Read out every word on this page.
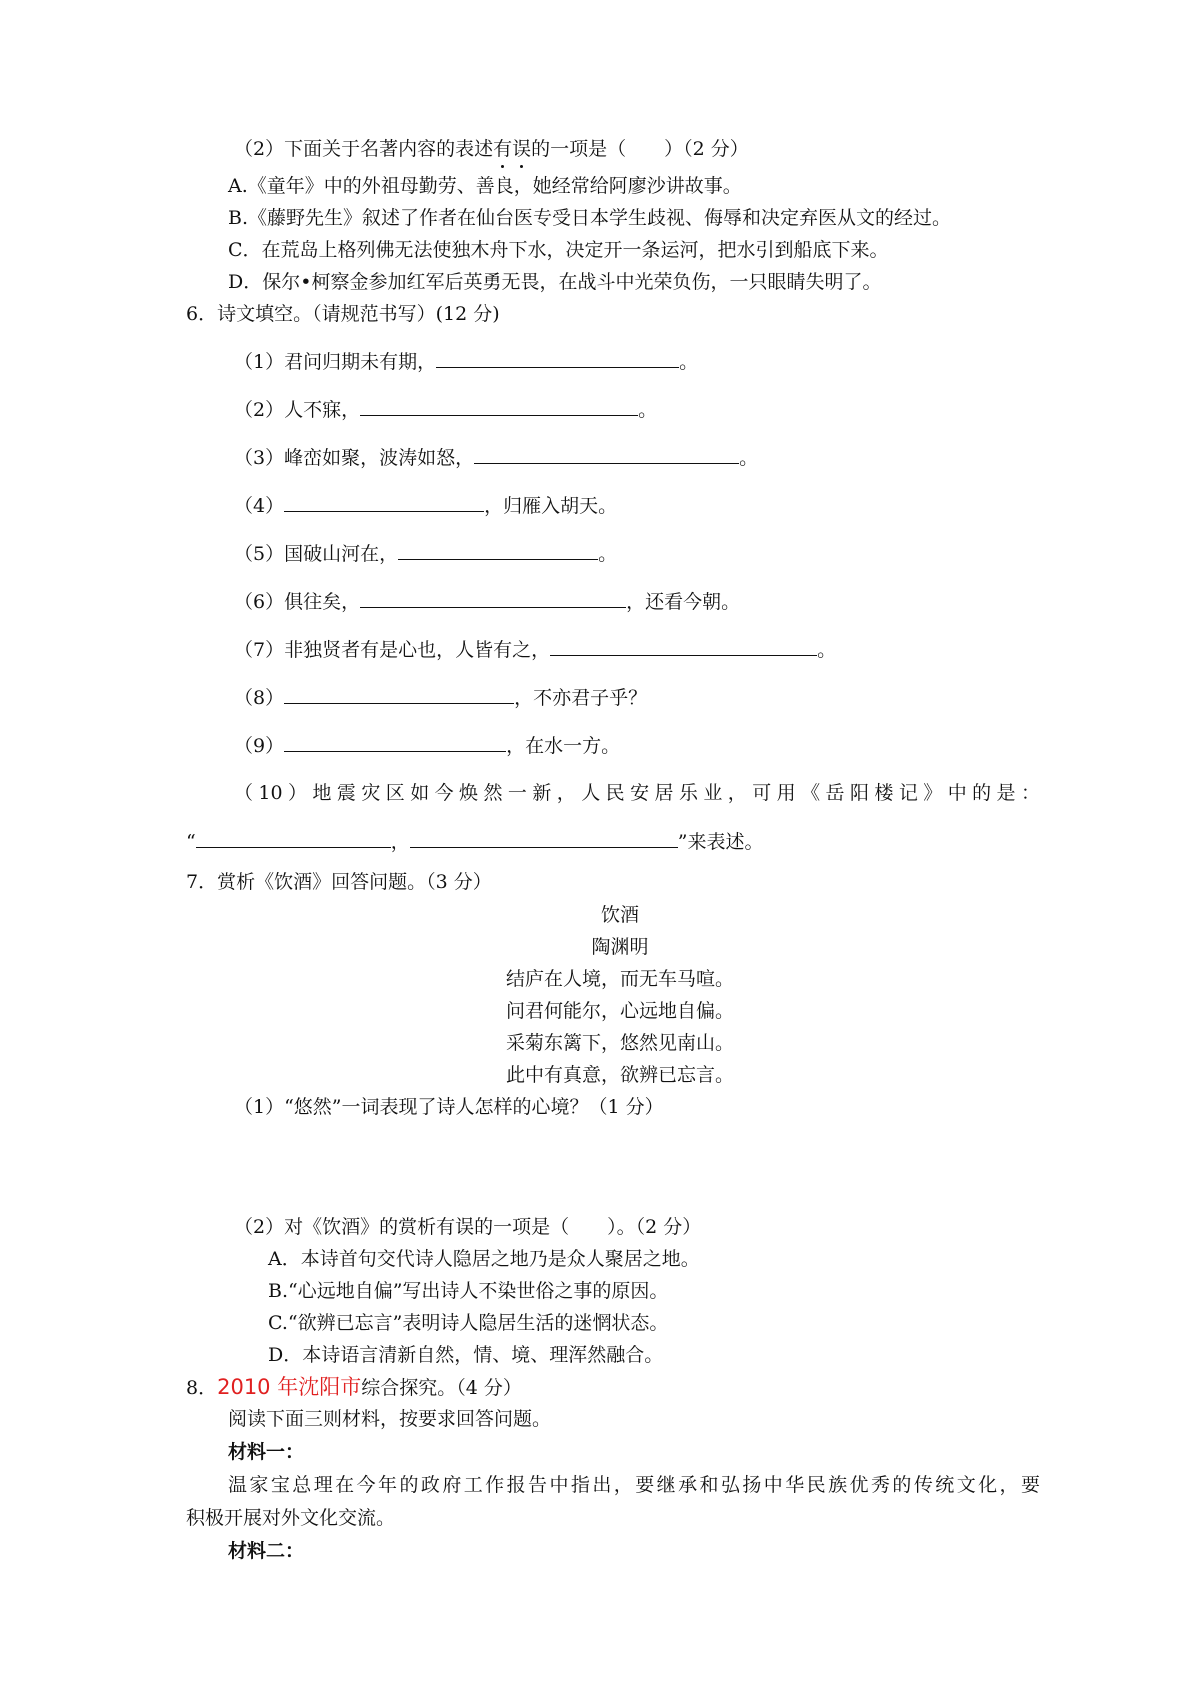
（2）下面关于名著内容的表述有误的一项是（　　）（2 分）
A.《童年》中的外祖母勤劳、善良，她经常给阿廖沙讲故事。
B.《藤野先生》叙述了作者在仙台医专受日本学生歧视、侮辱和决定弃医从文的经过。
C．在荒岛上格列佛无法使独木舟下水，决定开一条运河，把水引到船底下来。
D．保尔•柯察金参加红军后英勇无畏，在战斗中光荣负伤，一只眼睛失明了。
6．诗文填空。（请规范书写）(12 分)
（1）君问归期未有期，	。
（2）人不寐，	。
（3）峰峦如聚，波涛如怒，	。
（4）	，归雁入胡天。
（5）国破山河在，	。
（6）俱往矣，	，还看今朝。
（7）非独贤者有是心也，人皆有之，	。
（8）	，不亦君子乎？
（9）	，在水一方。
（10）地震灾区如今焕然一新，人民安居乐业，可用《岳阳楼记》中的是：
“	，	”来表述。
7．赏析《饮酒》回答问题。（3 分）
饮酒
陶渊明
结庐在人境，而无车马喧。
问君何能尔，心远地自偏。
采菊东篱下，悠然见南山。
此中有真意，欲辨已忘言。
（1）“悠然”一词表现了诗人怎样的心境？（1 分）
（2）对《饮酒》的赏析有误的一项是（　　）。（2 分）
A．本诗首句交代诗人隐居之地乃是众人聚居之地。
B.“心远地自偏”写出诗人不染世俗之事的原因。
C.“欲辨已忘言”表明诗人隐居生活的迷惘状态。
D．本诗语言清新自然，情、境、理浑然融合。
8．2010 年沈阳市综合探究。（4 分）
阅读下面三则材料，按要求回答问题。
材料一：
温家宝总理在今年的政府工作报告中指出，要继承和弘扬中华民族优秀的传统文化，要
积极开展对外文化交流。
材料二：
